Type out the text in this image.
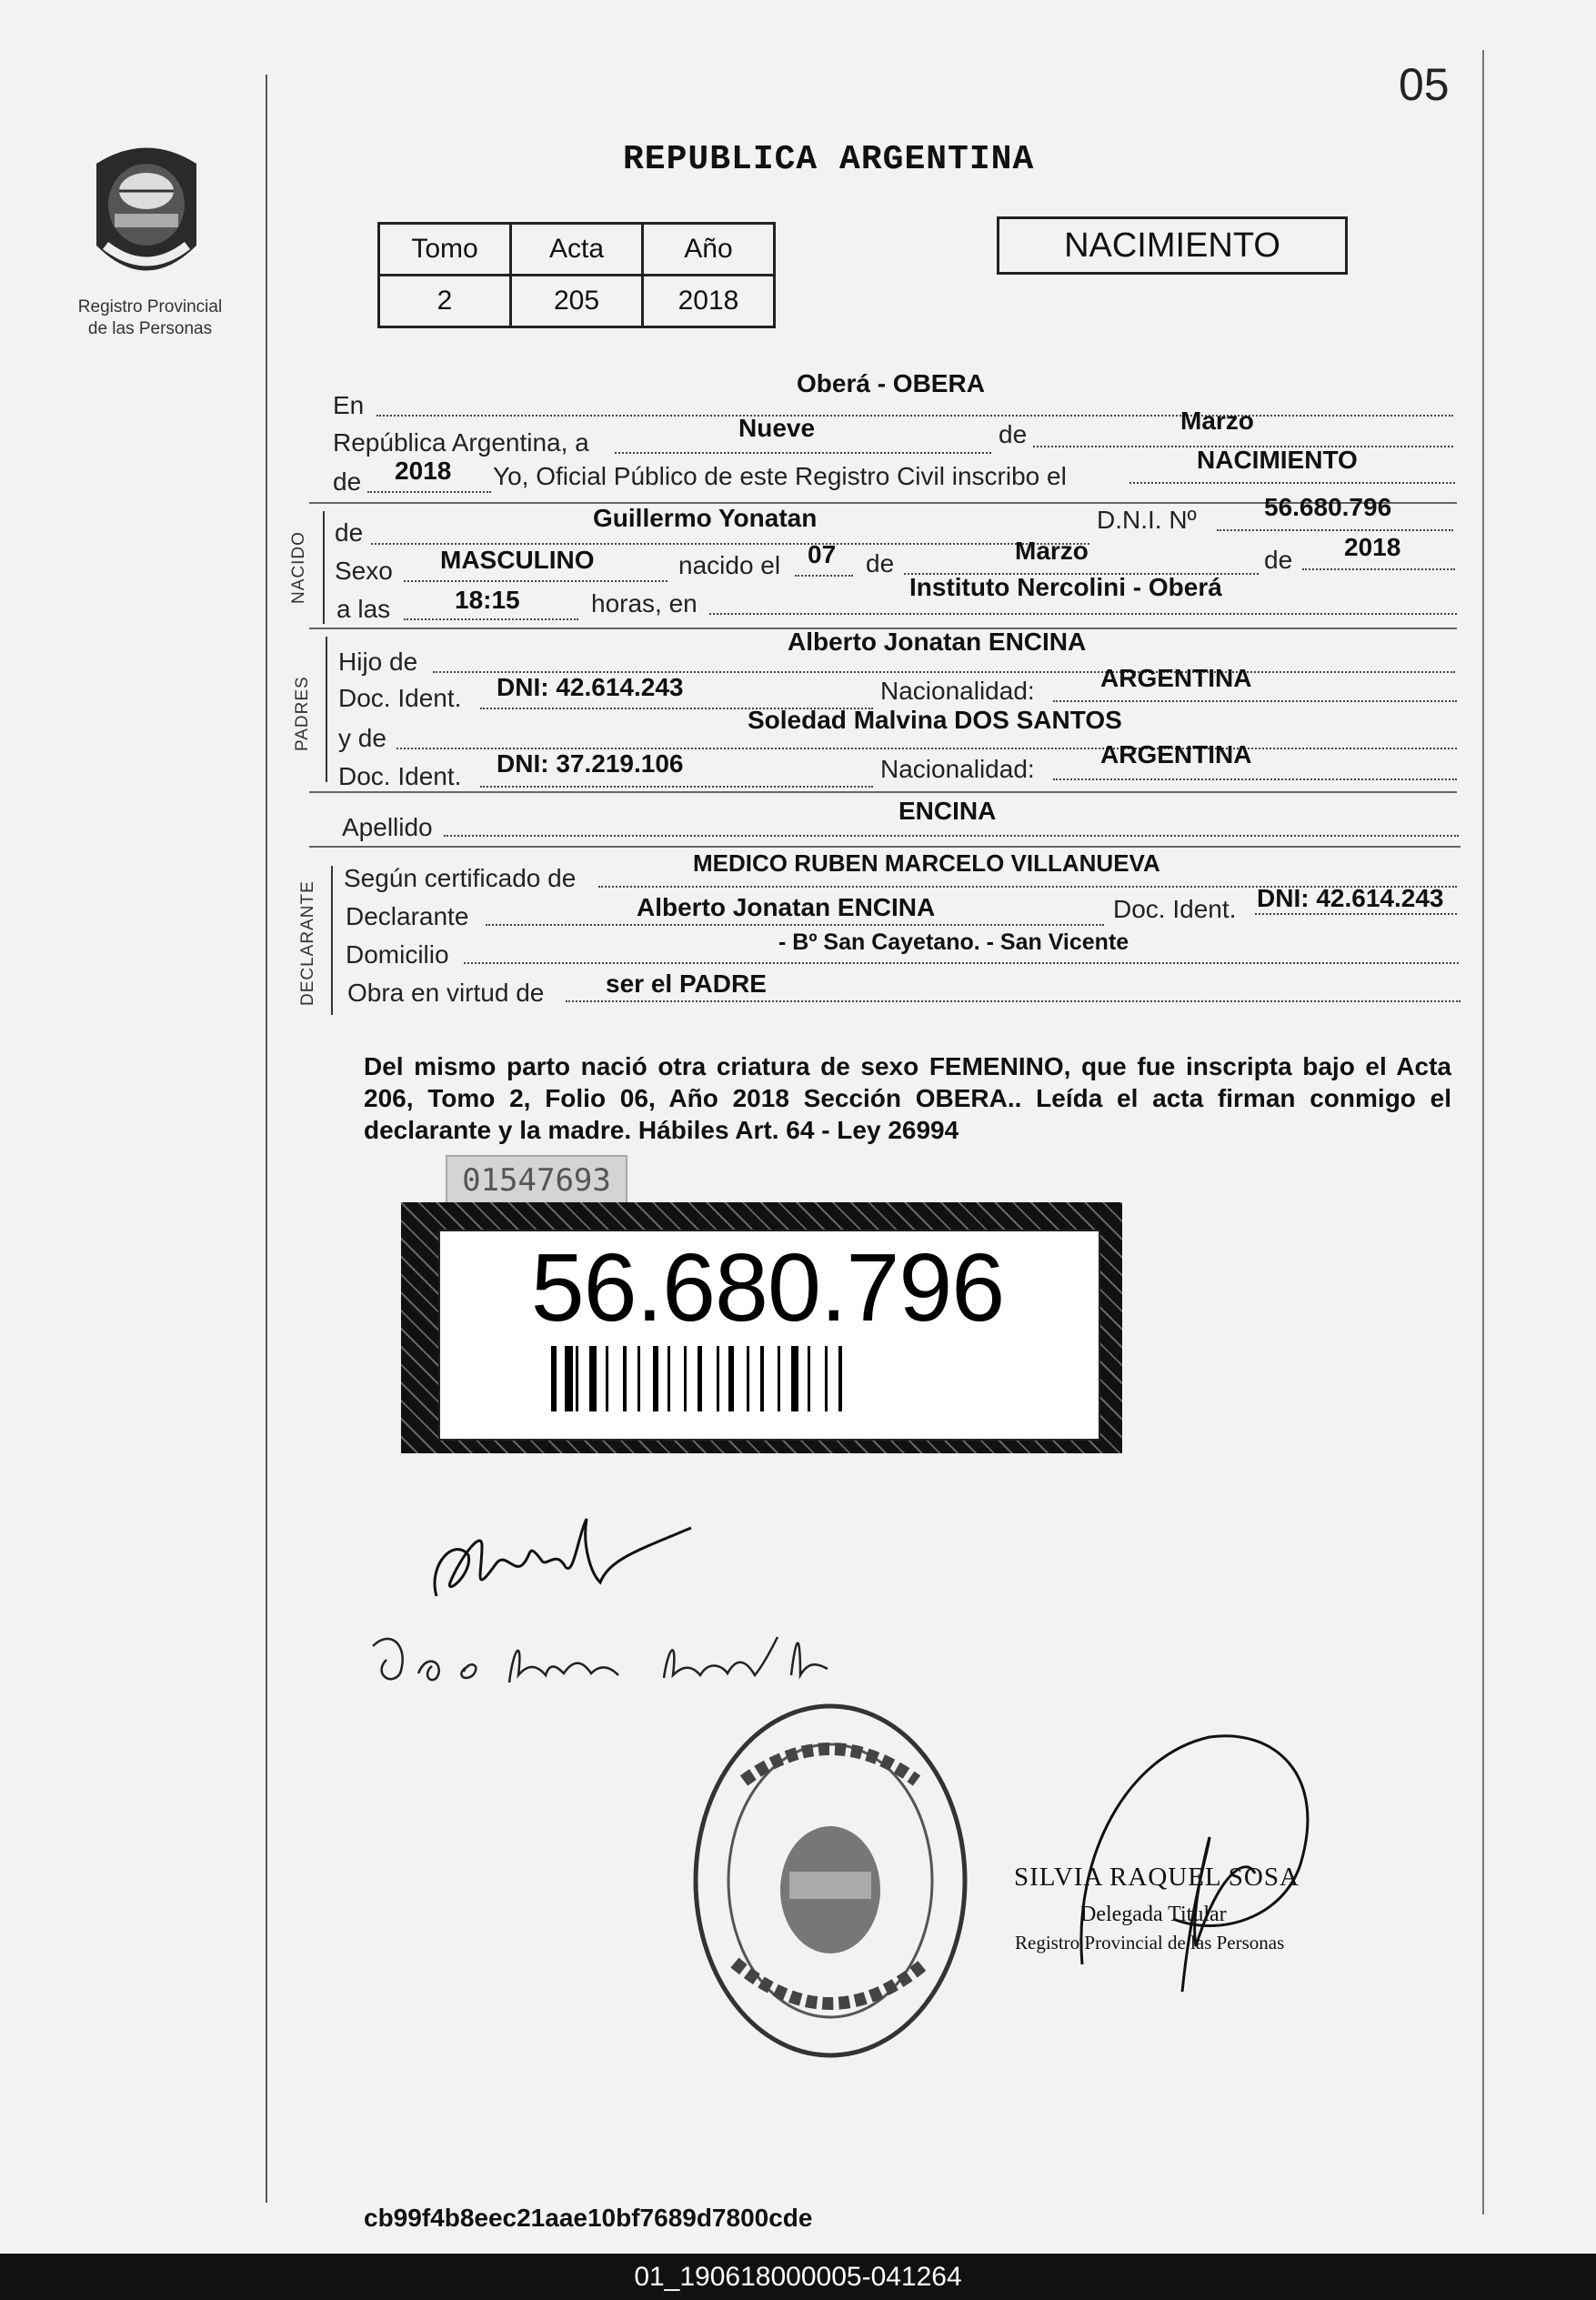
05
Registro Provincial
de las Personas
REPUBLICA ARGENTINA
Tomo	Acta	Año
2	205	2018
NACIMIENTO
En
Oberá - OBERA
República Argentina, a
Nueve	de	Marzo
de 2018 Yo, Oficial Público de este Registro Civil inscribo el
NACIMIENTO
NACIDO de
Guillermo Yonatan	D.N.I. Nº	56.680.796
Sexo MASCULINO	nacido el 07 de	Marzo	de 2018
a las	18:15	horas, en
Instituto Nercolini - Oberá
PADRES
Hijo de
Alberto Jonatan ENCINA
Doc. Ident. DNI: 42.614.243	Nacionalidad:	ARGENTINA
y de
Soledad Malvina DOS SANTOS
Doc. Ident. DNI: 37.219.106	Nacionalidad:
ARGENTINA
Apellido
ENCINA
DECLARANTE
Según certificado de
MEDICO RUBEN MARCELO VILLANUEVA
Declarante	Alberto Jonatan ENCINA	Doc. Ident. DNI: 42.614.243
Domicilio	- Bº San Cayetano. - San Vicente
Obra en virtud de ser el PADRE
Del mismo parto nació otra criatura de sexo FEMENINO, que fue inscripta bajo el Acta 206, Tomo 2, Folio 06, Año 2018 Sección OBERA.. Leída el acta firman conmigo el declarante y la madre. Hábiles Art. 64 - Ley 26994
01547693
56.680.796
SILVIA RAQUEL SOSA
Delegada Titular
Registro Provincial de las Personas
cb99f4b8eec21aae10bf7689d7800cde
01_190618000005-041264
